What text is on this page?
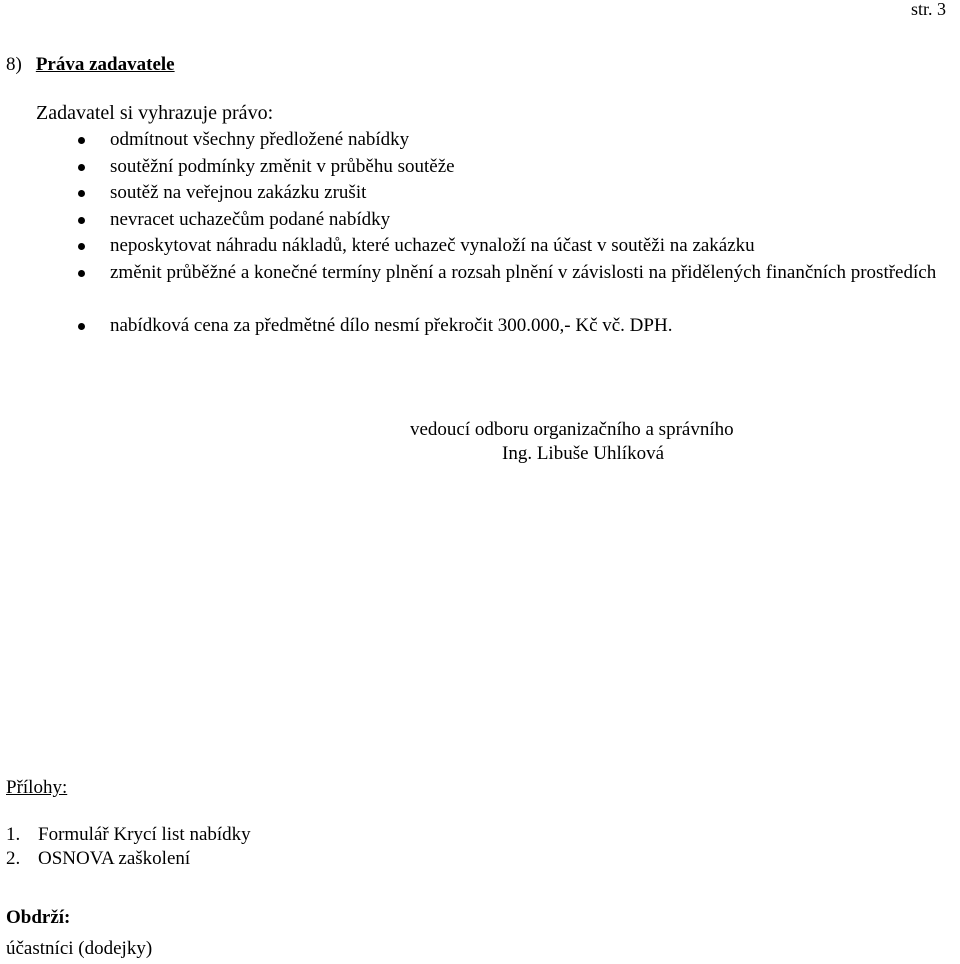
str. 3
8) Práva zadavatele
Zadavatel si vyhrazuje právo:
odmítnout všechny předložené nabídky
soutěžní podmínky změnit v průběhu soutěže
soutěž na veřejnou zakázku zrušit
nevracet uchazečům podané nabídky
neposkytovat náhradu nákladů, které uchazeč vynaloží na účast v soutěži na zakázku
změnit průběžné a konečné termíny plnění a rozsah plnění v závislosti na přidělených finančních prostředích
nabídková cena za předmětné dílo nesmí překročit 300.000,- Kč vč. DPH.
vedoucí odboru organizačního a správního
Ing. Libuše Uhlíková
Přílohy:
1. Formulář Krycí list nabídky
2. OSNOVA zaškolení
Obdrží:
účastníci (dodejky)
